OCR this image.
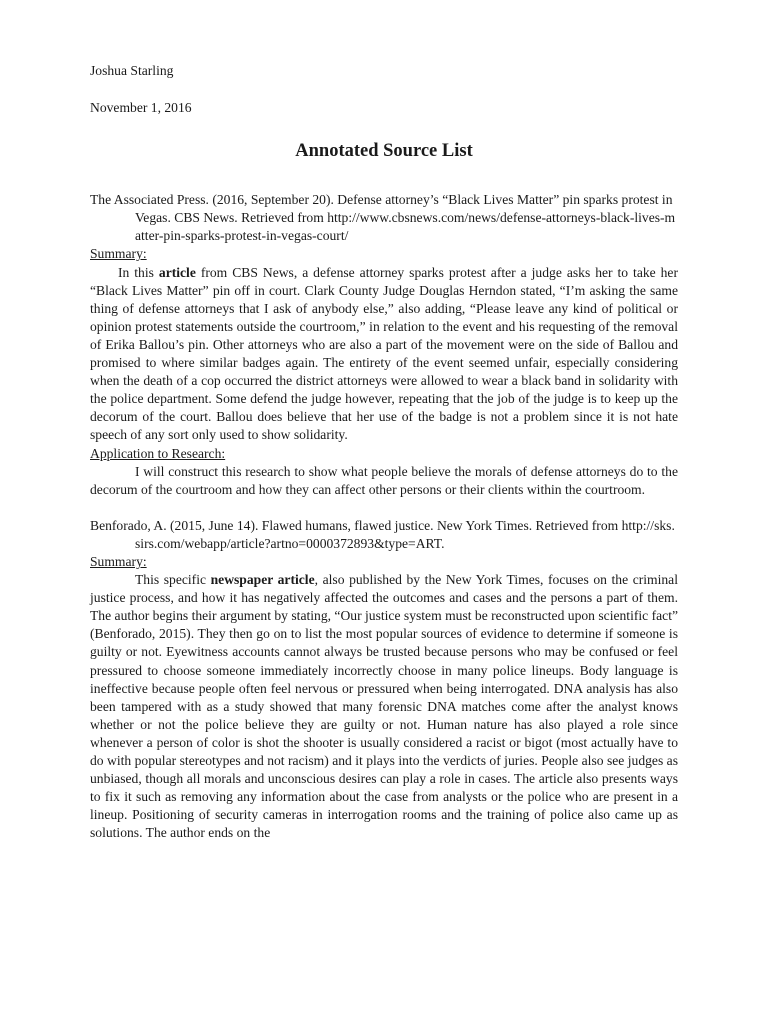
Joshua Starling

November 1, 2016

Annotated Source List

The Associated Press. (2016, September 20). Defense attorney’s “Black Lives Matter” pin sparks protest in Vegas. CBS News. Retrieved from http://www.cbsnews.com/news/defense-attorneys-black-lives-matter-pin-sparks-protest-in-vegas-court/

Summary:

In this article from CBS News, a defense attorney sparks protest after a judge asks her to take her “Black Lives Matter” pin off in court. Clark County Judge Douglas Herndon stated, “I’m asking the same thing of defense attorneys that I ask of anybody else,” also adding, “Please leave any kind of political or opinion protest statements outside the courtroom,” in relation to the event and his requesting of the removal of Erika Ballou’s pin. Other attorneys who are also a part of the movement were on the side of Ballou and promised to where similar badges again. The entirety of the event seemed unfair, especially considering when the death of a cop occurred the district attorneys were allowed to wear a black band in solidarity with the police department. Some defend the judge however, repeating that the job of the judge is to keep up the decorum of the court. Ballou does believe that her use of the badge is not a problem since it is not hate speech of any sort only used to show solidarity.

Application to Research:

I will construct this research to show what people believe the morals of defense attorneys do to the decorum of the courtroom and how they can affect other persons or their clients within the courtroom.

Benforado, A. (2015, June 14). Flawed humans, flawed justice. New York Times. Retrieved from http://sks.sirs.com/webapp/article?artno=0000372893&type=ART.

Summary:

This specific newspaper article, also published by the New York Times, focuses on the criminal justice process, and how it has negatively affected the outcomes and cases and the persons a part of them. The author begins their argument by stating, “Our justice system must be reconstructed upon scientific fact” (Benforado, 2015). They then go on to list the most popular sources of evidence to determine if someone is guilty or not. Eyewitness accounts cannot always be trusted because persons who may be confused or feel pressured to choose someone immediately incorrectly choose in many police lineups. Body language is ineffective because people often feel nervous or pressured when being interrogated. DNA analysis has also been tampered with as a study showed that many forensic DNA matches come after the analyst knows whether or not the police believe they are guilty or not. Human nature has also played a role since whenever a person of color is shot the shooter is usually considered a racist or bigot (most actually have to do with popular stereotypes and not racism) and it plays into the verdicts of juries. People also see judges as unbiased, though all morals and unconscious desires can play a role in cases. The article also presents ways to fix it such as removing any information about the case from analysts or the police who are present in a lineup. Positioning of security cameras in interrogation rooms and the training of police also came up as solutions. The author ends on the
